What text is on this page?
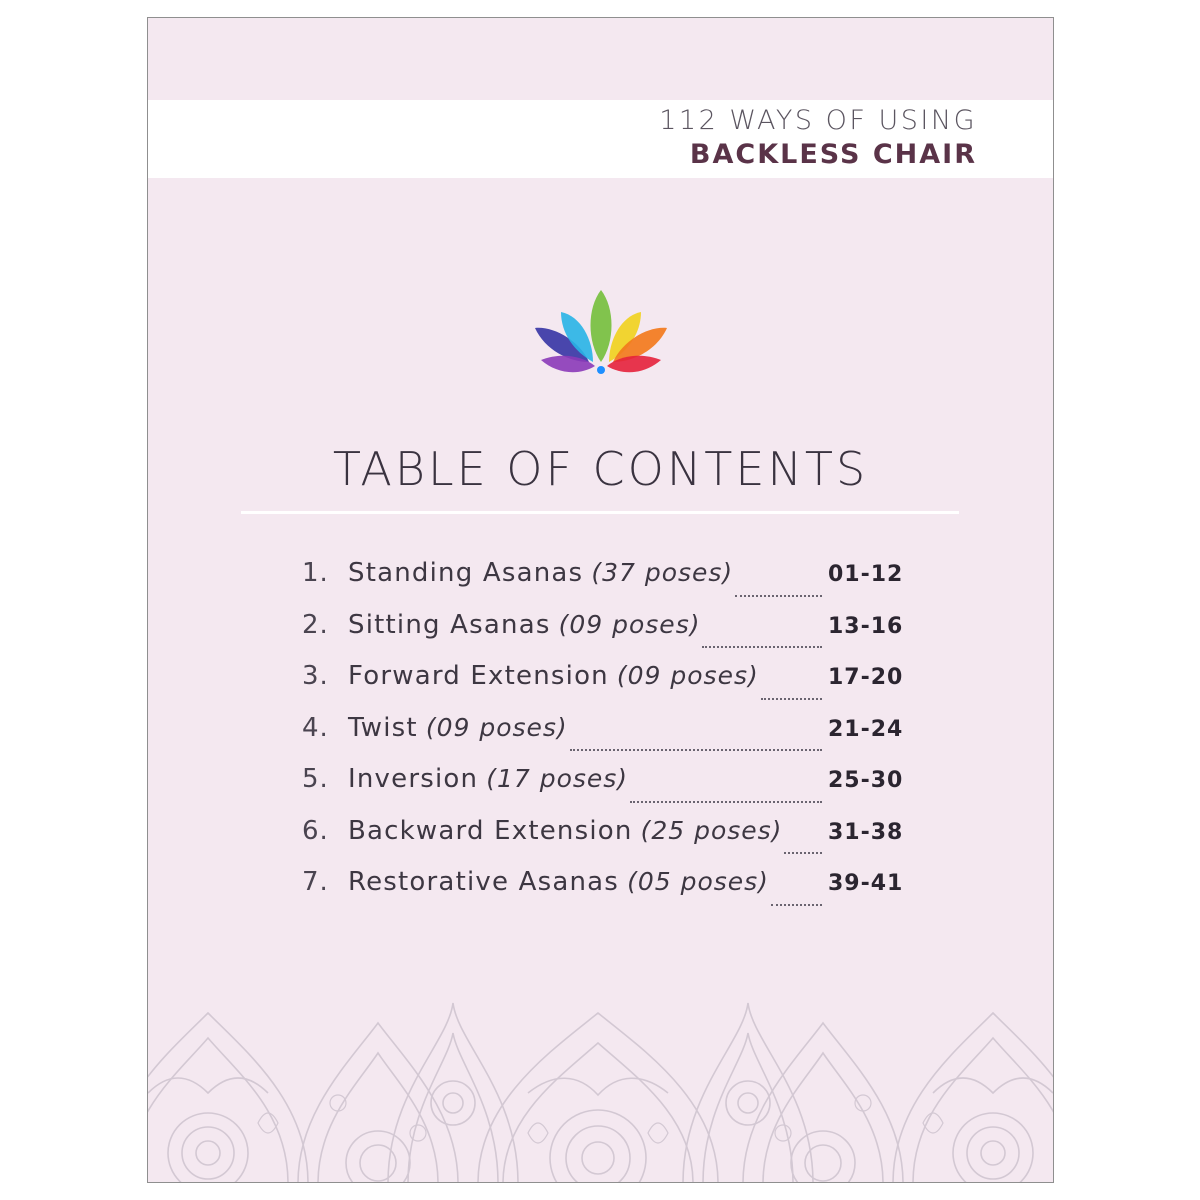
112 WAYS OF USING
BACKLESS CHAIR
TABLE OF CONTENTS
1. Standing Asanas (37 poses)	01-12
2. Sitting Asanas (09 poses)	13-16
3. Forward Extension (09 poses)	17-20
4. Twist (09 poses)	21-24
5. Inversion (17 poses)	25-30
6. Backward Extension (25 poses) 31-38
7. Restorative Asanas (05 poses)	39-41
